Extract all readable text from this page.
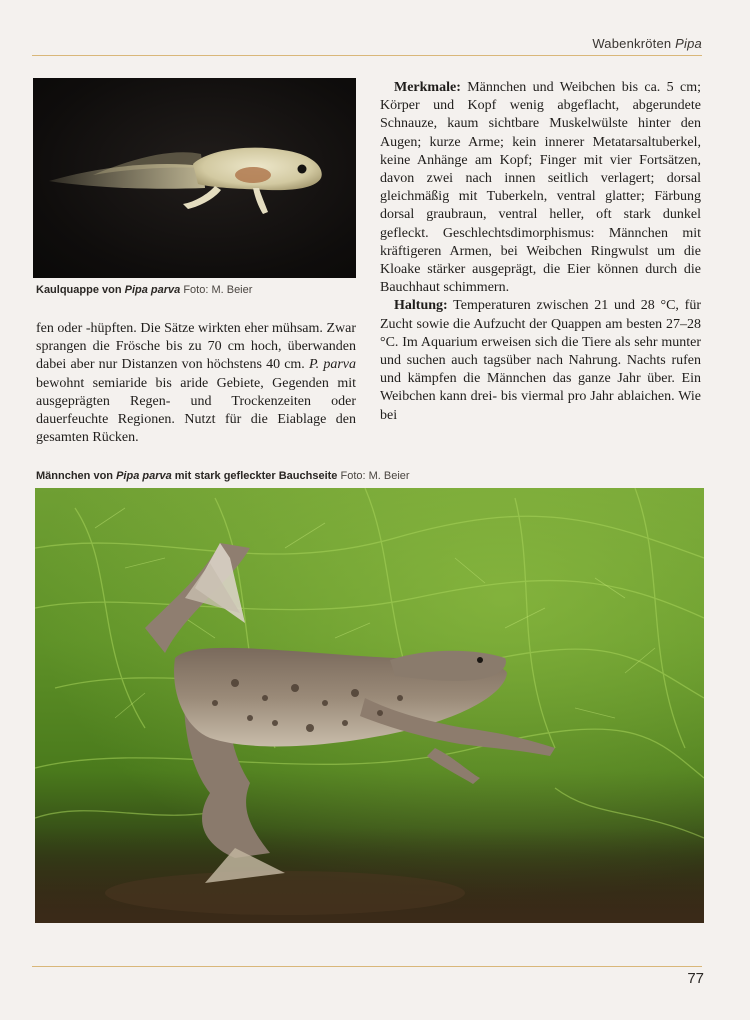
Wabenkröten Pipa
Kaulquappe von Pipa parva Foto: M. Beier

fen oder -hüpften. Die Sätze wirkten eher mühsam. Zwar sprangen die Frösche bis zu 70 cm hoch, überwanden dabei aber nur Distanzen von höchstens 40 cm. P. parva bewohnt semiaride bis aride Gebiete, Gegenden mit ausgeprägten Regen- und Trockenzeiten oder dauerfeuchte Regionen. Nutzt für die Eiablage den gesamten Rücken.

Merkmale: Männchen und Weibchen bis ca. 5 cm; Körper und Kopf wenig abgeflacht, abgerundete Schnauze, kaum sichtbare Muskelwülste hinter den Augen; kurze Arme; kein innerer Metatarsaltuberkel, keine Anhänge am Kopf; Finger mit vier Fortsätzen, davon zwei nach innen seitlich verlagert; dorsal gleichmäßig mit Tuberkeln, ventral glatter; Färbung dorsal graubraun, ventral heller, oft stark dunkel gefleckt. Geschlechtsdimorphismus: Männchen mit kräftigeren Armen, bei Weibchen Ringwulst um die Kloake stärker ausgeprägt, die Eier können durch die Bauchhaut schimmern.

Haltung: Temperaturen zwischen 21 und 28 °C, für Zucht sowie die Aufzucht der Quappen am besten 27–28 °C. Im Aquarium erweisen sich die Tiere als sehr munter und suchen auch tagsüber nach Nahrung. Nachts rufen und kämpfen die Männchen das ganze Jahr über. Ein Weibchen kann drei- bis viermal pro Jahr ablaichen. Wie bei

Männchen von Pipa parva mit stark gefleckter Bauchseite Foto: M. Beier
77
